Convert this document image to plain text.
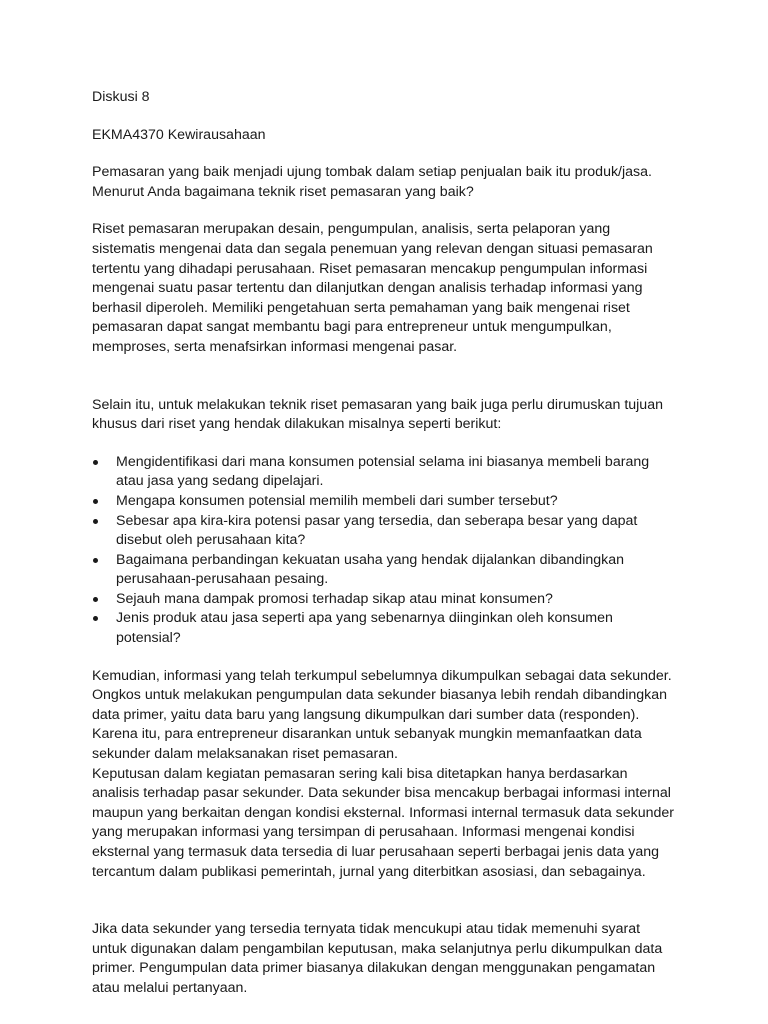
Diskusi 8

EKMA4370 Kewirausahaan

Pemasaran yang baik menjadi ujung tombak dalam setiap penjualan baik itu produk/jasa. Menurut Anda bagaimana teknik riset pemasaran yang baik?

Riset pemasaran merupakan desain, pengumpulan, analisis, serta pelaporan yang sistematis mengenai data dan segala penemuan yang relevan dengan situasi pemasaran tertentu yang dihadapi perusahaan. Riset pemasaran mencakup pengumpulan informasi mengenai suatu pasar tertentu dan dilanjutkan dengan analisis terhadap informasi yang berhasil diperoleh. Memiliki pengetahuan serta pemahaman yang baik mengenai riset pemasaran dapat sangat membantu bagi para entrepreneur untuk mengumpulkan, memproses, serta menafsirkan informasi mengenai pasar.

Selain itu, untuk melakukan teknik riset pemasaran yang baik juga perlu dirumuskan tujuan khusus dari riset yang hendak dilakukan misalnya seperti berikut:

Mengidentifikasi dari mana konsumen potensial selama ini biasanya membeli barang atau jasa yang sedang dipelajari.
Mengapa konsumen potensial memilih membeli dari sumber tersebut?
Sebesar apa kira-kira potensi pasar yang tersedia, dan seberapa besar yang dapat disebut oleh perusahaan kita?
Bagaimana perbandingan kekuatan usaha yang hendak dijalankan dibandingkan perusahaan-perusahaan pesaing.
Sejauh mana dampak promosi terhadap sikap atau minat konsumen?
Jenis produk atau jasa seperti apa yang sebenarnya diinginkan oleh konsumen potensial?

Kemudian, informasi yang telah terkumpul sebelumnya dikumpulkan sebagai data sekunder. Ongkos untuk melakukan pengumpulan data sekunder biasanya lebih rendah dibandingkan data primer, yaitu data baru yang langsung dikumpulkan dari sumber data (responden). Karena itu, para entrepreneur disarankan untuk sebanyak mungkin memanfaatkan data sekunder dalam melaksanakan riset pemasaran.

Keputusan dalam kegiatan pemasaran sering kali bisa ditetapkan hanya berdasarkan analisis terhadap pasar sekunder. Data sekunder bisa mencakup berbagai informasi internal maupun yang berkaitan dengan kondisi eksternal. Informasi internal termasuk data sekunder yang merupakan informasi yang tersimpan di perusahaan. Informasi mengenai kondisi eksternal yang termasuk data tersedia di luar perusahaan seperti berbagai jenis data yang tercantum dalam publikasi pemerintah, jurnal yang diterbitkan asosiasi, dan sebagainya.

Jika data sekunder yang tersedia ternyata tidak mencukupi atau tidak memenuhi syarat untuk digunakan dalam pengambilan keputusan, maka selanjutnya perlu dikumpulkan data primer. Pengumpulan data primer biasanya dilakukan dengan menggunakan pengamatan atau melalui pertanyaan.
